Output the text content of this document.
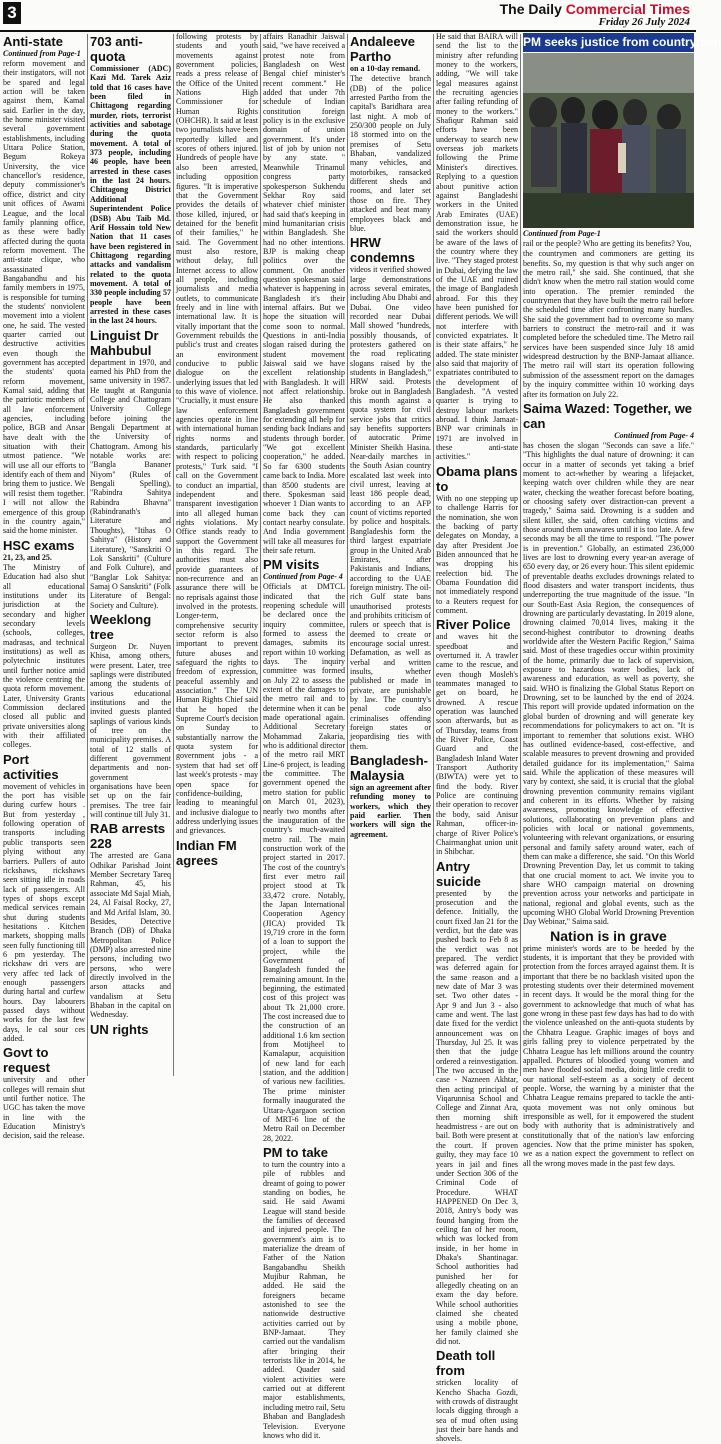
3	The Daily Commercial Times
Friday 26 July 2024
Anti-state

Continued from Page-1

reform movement and their instigators, will not be spared and legal action will be taken against them, Kamal said. Earlier in the day, the home minister visited several government establishments, including Uttara Police Station, Begum Rokeya University, the vice chancellor's residence, deputy commissioner's office, district and city unit offices of Awami League, and the local family planning office, as these were badly affected during the quota reform movement. The anti-state clique, who assassinated Bangabandhu and his family members in 1975, is responsible for turning the students' nonviolent movement into a violent one, he said. The vested quarter carried out destructive activities even though the government has accepted the students' quota reform movement, Kamal said, adding that the patriotic members of all law enforcement agencies, including police, BGB and Ansar have dealt with the situation with their utmost patience. "We will use all our efforts to identify each of them and bring them to justice. We will resist them together. I will not allow the emergence of this group in the country again," said the home minister.

HSC exams

21, 23, and 25.

The Ministry of Education had also shut all educational institutions under its jurisdiction at the secondary and higher secondary levels (schools, colleges, madrasas, and technical institutions) as well as polytechnic institutes until further notice amid the violence centring the quota reform movement. Later, University Grants Commission declared closed all public and private universities along with their affiliated colleges.

Port activities

movement of vehicles in the port has visible during curfew hours . But from yesterday , following operation of transports including public transports seen plying without any barriers. Pullers of auto rickshaws, rickshaws seen sitting idle in roads lack of passengers. All types of shops except medical services remain shut during students hesitations . Kitchen markets, shopping malls seen fully functioning till 6 pm yesterday. The rickshaw dri vers are very affec ted lack of enough passengers during hartal and curfew hours. Day labourers passed days without works for the last few days, le cal sour ces added.

Govt to request

university and other colleges will remain shut until further notice. The UGC has taken the move in line with the Education Ministry's decision, said the release.

703 anti-quota

Commissioner (ADC) Kazi Md. Tarek Aziz told that 16 cases have been filed in Chittagong regarding murder, riots, terrorist activities and sabotage during the quota movement. A total of 373 people, including 46 people, have been arrested in these cases in the last 24 hours. Chittagong District Additional Superintendent Police (DSB) Abu Taib Md. Arif Hossain told New Nation that 11 cases have been registered in Chittagong regarding attacks and vandalism related to the quota movement. A total of 330 people including 57 people have been arrested in these cases in the last 24 hours.

Linguist Dr Mahbubul

department in 1970, and earned his PhD from the same university in 1987. He taught at Rangunia College and Chattogram University College before joining the Bengali Department at the University of Chattogram. Among his notable works are: "Bangla Bananer Niyom" (Rules of Bengali Spelling), "Rabindra Sahitya Rabindra Bhavna" (Rabindranath's Literature and Thoughts), "Itihas O Sahitya" (History and Literature), "Sanskriti O Lok Sanskriti" (Culture and Folk Culture), and "Banglar Lok Sahitya: Samaj O Sanskriti" (Folk Literature of Bengal: Society and Culture).

Weeklong tree

Surgeon Dr. Nuyen Khisa, among others, were present. Later, tree saplings were distributed among the students of various educational institutions and the invited guests planted saplings of various kinds of tree on the municipality premises. A total of 12 stalls of different government departments and non-government organisations have been set up on the fair premises. The tree fair will continue till July 31.

RAB arrests 228

The arrested are Gana Odhikar Parishad Joint Member Secretary Tareq Rahman, 45, his associate Md Sajal Miah, 24, Al Faisal Rocky, 27, and Md Arifal Islam, 30. Besides, Detective Branch (DB) of Dhaka Metropolitan Police (DMP) also arrested nine persons, including two persons, who were directly involved in the arson attacks and vandalism at Setu Bhaban in the capital on Wednesday.

UN rights

following protests by students and youth movements against government policies, reads a press release of the Office of the United Nations High Commissioner for Human Rights (OHCHR). It said at least two journalists have been reportedly killed and scores of others injured. Hundreds of people have also been arrested, including opposition figures. "It is imperative that the Government provides the details of those killed, injured, or detained for the benefit of their families," he said. The Government must also restore, without delay, full Internet access to allow all people, including journalists and media outlets, to communicate freely and in line with international law. It is vitally important that the Government rebuilds the public's trust and creates an environment conducive to public dialogue on the underlying issues that led to this wave of violence. "Crucially, it must ensure law enforcement agencies operate in line with international human rights norms and standards, particularly with respect to policing protests," Turk said. "I call on the Government to conduct an impartial, independent and transparent investigation into all alleged human rights violations. My Office stands ready to support the Government in this regard. The authorities must also provide guarantees of non-recurrence and an assurance there will be no reprisals against those involved in the protests. Longer-term, comprehensive security sector reform is also important to prevent future abuses and safeguard the rights to freedom of expression, peaceful assembly and association." The UN Human Rights Chief said that he hoped the Supreme Court's decision on Sunday to substantially narrow the quota system for government jobs - a system that had set off last week's protests - may open space for confidence-building, leading to meaningful and inclusive dialogue to address underlying issues and grievances.

Indian FM agrees

affairs Ranadhir Jaiswal said, "we have received a protest note from Bangladesh on West Bengal chief minister's recent comment." He added that under 7th schedule of Indian constitution foreign policy is in the exclusive domain of union government. It's under list of job by union not by any state. " Meanwhile Trinamul congress party spokesperson Sukhendu Sekhar Roy said whatever chief minister had said that's keeping in mind humanitarian crisis within Bangladesh. She had no other intentions. BJP is making cheap politics over the comment. On another question spokesman said whatever is happening in Bangladesh it's their internal affairs. But we hope the situation will come soon to normal. Questions in anti-India slogan raised during the student movement Jaiswal said we have excellent relationship with Bangladesh. It will not affect relationship. He also thanked Bangladesh government for extending all help for sending back Indians and students through border. "We got excellent cooperation," he added. So far 6300 students came back to India. More than 8500 students are there. Spokesman said whoever 1 Dian wants to come back they can contact nearby consulate. And India government will take all measures for their safe return.

PM visits

Continued from Page- 4

Officials at DMTCL indicated that the reopening schedule will be declared once the inquiry committee, formed to assess the damages, submits its report within 10 working days. The inquiry committee was formed on July 22 to assess the extent of the damages to the metro rail and to determine when it can be made operational again. Additional Secretary Mohammad Zakaria, who is additional director of the metro rail MRT Line-6 project, is leading the committee. The government opened the metro station for public on March 01, 2023), nearly two months after the inauguration of the country's much-awaited metro rail. The main construction work of the project started in 2017. The cost of the country's first ever metro rail project stood at Tk 33,472 crore. Notably, the Japan International Cooperation Agency (JICA) provided Tk 19,719 crore in the form of a loan to support the project, while the Government of Bangladesh funded the remaining amount. In the beginning, the estimated cost of this project was about Tk 21,000 crore. The cost increased due to the construction of an additional 1.6 km section from Motijheel to Kamalapur, acquisition of new land for each station, and the addition of various new facilities. The prime minister formally inaugurated the Uttara-Agargaon section of MRT-6 line of the Metro Rail on December 28, 2022.

PM to take

to turn the country into a pile of rubbles and dreamt of going to power standing on bodies, he said. He said Awami League will stand beside the families of deceased and injured people. The government's aim is to materialize the dream of Father of the Nation Bangabandhu Sheikh Mujibur Rahman, he added. He said the foreigners became astonished to see the nationwide destructive activities carried out by BNP-Jamaat. They carried out the vandalism after bringing their terrorists like in 2014, he added. Quader said violent activities were carried out at different major establishments, including metro rail, Setu Bhaban and Bangladesh Television. Everyone knows who did it.

Andaleeve Partho

on a 10-day remand.

The detective branch (DB) of the police arrested Partho from the capital's Baridhara area last night. A mob of 250/300 people on July 18 stormed into on the premises of Setu Bhaban, vandalized many vehicles, and motorbikes, ransacked different sheds and rooms, and later set those on fire. They attacked and beat many employees black and blue.

HRW condemns

videos it verified showed large demonstrations across several emirates, including Abu Dhabi and Dubai. One video recorded near Dubai Mall showed "hundreds, possibly thousands, of protesters gathered on the road replicating slogans raised by the students in Bangladesh," HRW said. Protests broke out in Bangladesh this month against a quota system for civil service jobs that critics say benefits supporters of autocratic Prime Minister Sheikh Hasina. Near-daily marches in the South Asian country escalated last week into civil unrest, leaving at least 186 people dead, according to an AFP count of victims reported by police and hospitals. Bangladeshis form the third largest expatriate group in the United Arab Emirates, after Pakistanis and Indians, according to the UAE foreign ministry. The oil-rich Gulf state bans unauthorised protests and prohibits criticism of rulers or speech that is deemed to create or encourage social unrest. Defamation, as well as verbal and written insults, whether published or made in private, are punishable by law. The country's penal code also criminalises offending foreign states or jeopardising ties with them.

Bangladesh-Malaysia

sign an agreement after refunding money to workers, which they paid earlier. Then workers will sign the agreement.

He said that BAIRA will send the list to the ministry after refunding money to the workers, adding, "We will take legal measures against the recruiting agencies after failing refunding of money to the workers." Shafiqur Rahman said efforts have been underway to search new overseas job markets following the Prime Minister's directives. Replying to a question about punitive action against Bangladeshi workers in the United Arab Emirates (UAE) demonstration issue, he said the workers should be aware of the laws of the country where they live. "They staged protest in Dubai, defying the law of the UAE and ruined the image of Bangladesh abroad. For this they have been punished for different periods. We will not interfere with convicted expatriates. It is their state affairs," he added. The state minister also said that majority of expatriates contributed to the development of Bangladesh. "A vested quarter is trying to destroy labour markets abroad. I think Jamaat-BNP war criminals in 1971 are involved in these anti-state activities."

Obama plans to

With no one stepping up to challenge Harris for the nomination, she won the backing of party delegates on Monday, a day after President Joe Biden announced that he was dropping his reelection bid. The Obama Foundation did not immediately respond to a Reuters request for comment.

River Police

and waves hit the speedboat and overturned it. A trawler came to the rescue, and even though Mosleh's teammates managed to get on board, he drowned. A rescue operation was launched soon afterwards, but as of Thursday, teams from the River Police, Coast Guard and the Bangladesh Inland Water Transport Authority (BIWTA) were yet to find the body. River Police are continuing their operation to recover the body, said Anisur Rahman, officer-in-charge of River Police's Chairmanghat union unit in Shibchar.

Antry suicide

presented by the prosecution and the defence. Initially, the court fixed Jan 21 for the verdict, but the date was pushed back to Feb 8 as the verdict was not prepared. The verdict was deferred again for the same reason and a new date of Mar 3 was set. Two other dates - Apr 9 and Jun 3 - also came and went. The last date fixed for the verdict announcement was on Thursday, Jul 25. It was then that the judge ordered a reinvestigation. The two accused in the case - Nazneen Akhtar, then acting principal of Viqarunnisa School and College and Zinnat Ara, then morning shift headmistress - are out on bail. Both were present at the court. If proven guilty, they may face 10 years in jail and fines under Section 306 of the Criminal Code of Procedure. WHAT HAPPENED On Dec 3, 2018, Antry's body was found hanging from the ceiling fan of her room, which was locked from inside, in her home in Dhaka's Shantinagar. School authorities had punished her for allegedly cheating on an exam the day before. While school authorities claimed she cheated using a mobile phone, her family claimed she did not.

Death toll from

stricken locality of Kencho Shacha Gozdi, with crowds of distraught locals digging through a sea of mud often using just their bare hands and shovels.

PM seeks justice from countrymen

Continued from Page-1

rail or the people? Who are getting its benefits? You,

the countrymen and commoners are getting its benefits. So, my question is that why such anger on the metro rail," she said. She continued, that she didn't know when the metro rail station would come into operation. The premier reminded the countrymen that they have built the metro rail before the scheduled time after confronting many hurdles. She said the government had to overcome so many barriers to construct the metro-rail and it was completed before the scheduled time. The Metro rail services have been suspended since July 18 amid widespread destruction by the BNP-Jamaat alliance. The metro rail will start its operation following submission of the assessment report on the damages by the inquiry committee within 10 working days after its formation on July 22.

Saima Wazed: Together, we can

Continued from Page- 4

has chosen the slogan "Seconds can save a life." "This highlights the dual nature of drowning: it can occur in a matter of seconds yet taking a brief moment to act-whether by wearing a lifejacket, keeping watch over children while they are near water, checking the weather forecast before boating, or choosing safety over distraction-can prevent a tragedy," Saima said. Drowning is a sudden and silent killer, she said, often catching victims and those around them unawares until it is too late. A few seconds may be all the time to respond. "The power is in prevention." Globally, an estimated 236,000 lives are lost to drowning every year-an average of 650 every day, or 26 every hour. This silent epidemic of preventable deaths excludes drownings related to flood disasters and water transport incidents, thus underreporting the true magnitude of the issue. "In our South-East Asia Region, the consequences of drowning are particularly devastating. In 2019 alone, drowning claimed 70,014 lives, making it the second-highest contributor to drowning deaths worldwide after the Western Pacific Region," Saima said. Most of these tragedies occur within proximity of the home, primarily due to lack of supervision, exposure to hazardous water bodies, lack of awareness and education, as well as poverty, she said. WHO is finalizing the Global Status Report on Drowning, set to be launched by the end of 2024. This report will provide updated information on the global burden of drowning and will generate key recommendations for policymakers to act on. "It is important to remember that solutions exist. WHO has outlined evidence-based, cost-effective, and scalable measures to prevent drowning and provided detailed guidance for its implementation," Saima said. While the application of these measures will vary by context, she said, it is crucial that the global drowning prevention community remains vigilant and coherent in its efforts. Whether by raising awareness, promoting knowledge of effective solutions, collaborating on prevention plans and policies with local or national governments, volunteering with relevant organizations, or ensuring personal and family safety around water, each of them can make a difference, she said. "On this World Drowning Prevention Day, let us commit to taking that one crucial moment to act. We invite you to share WHO campaign material on drowning prevention across your networks and participate in national, regional and global events, such as the upcoming WHO Global World Drowning Prevention Day Webinar," Saima said.

Nation is in grave

prime minister's words are to be heeded by the students, it is important that they be provided with protection from the forces arrayed against them. It is important that there be no backlash visited upon the protesting students over their determined movement in recent days. It would be the moral thing for the government to acknowledge that much of what has gone wrong in these past few days has had to do with the violence unleashed on the anti-quota students by the Chhatra League. Graphic images of boys and girls falling prey to violence perpetrated by the Chhatra League has left millions around the country appalled. Pictures of bloodied young women and men have flooded social media, doing little credit to our national self-esteem as a society of decent people. Worse, the warning by a minister that the Chhatra League remains prepared to tackle the anti-quota movement was not only ominous but irresponsible as well, for it empowered the student body with authority that is administratively and constitutionally that of the nation's law enforcing agencies. Now that the prime minister has spoken, we as a nation expect the government to reflect on all the wrong moves made in the past few days.
